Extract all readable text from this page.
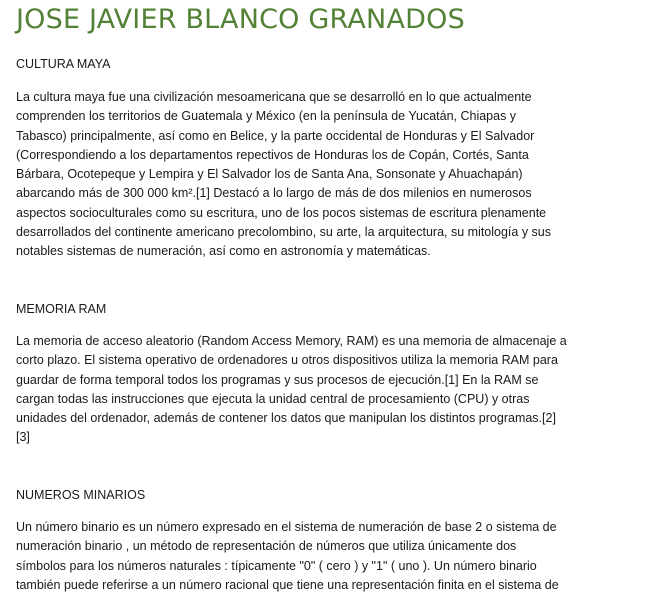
JOSE JAVIER BLANCO GRANADOS

CULTURA MAYA

La cultura maya fue una civilización mesoamericana que se desarrolló en lo que actualmente
comprenden los territorios de Guatemala y México (en la península de Yucatán, Chiapas y
Tabasco) principalmente, así como en Belice, y la parte occidental de Honduras y El Salvador
(Correspondiendo a los departamentos repectivos de Honduras los de Copán, Cortés, Santa
Bárbara, Ocotepeque y Lempira y El Salvador los de Santa Ana, Sonsonate y Ahuachapán)
abarcando más de 300 000 km².[1] Destacó a lo largo de más de dos milenios en numerosos
aspectos socioculturales como su escritura, uno de los pocos sistemas de escritura plenamente
desarrollados del continente americano precolombino, su arte, la arquitectura, su mitología y sus
notables sistemas de numeración, así como en astronomía y matemáticas.

MEMORIA RAM

La memoria de acceso aleatorio (Random Access Memory, RAM) es una memoria de almacenaje a
corto plazo. El sistema operativo de ordenadores u otros dispositivos utiliza la memoria RAM para
guardar de forma temporal todos los programas y sus procesos de ejecución.[1] En la RAM se
cargan todas las instrucciones que ejecuta la unidad central de procesamiento (CPU) y otras
unidades del ordenador, además de contener los datos que manipulan los distintos programas.[2]
[3]

NUMEROS MINARIOS

Un número binario es un número expresado en el sistema de numeración de base 2 o sistema de
numeración binario , un método de representación de números que utiliza únicamente dos
símbolos para los números naturales : típicamente "0" ( cero ) y "1" ( uno ). Un número binario
también puede referirse a un número racional que tiene una representación finita en el sistema de
